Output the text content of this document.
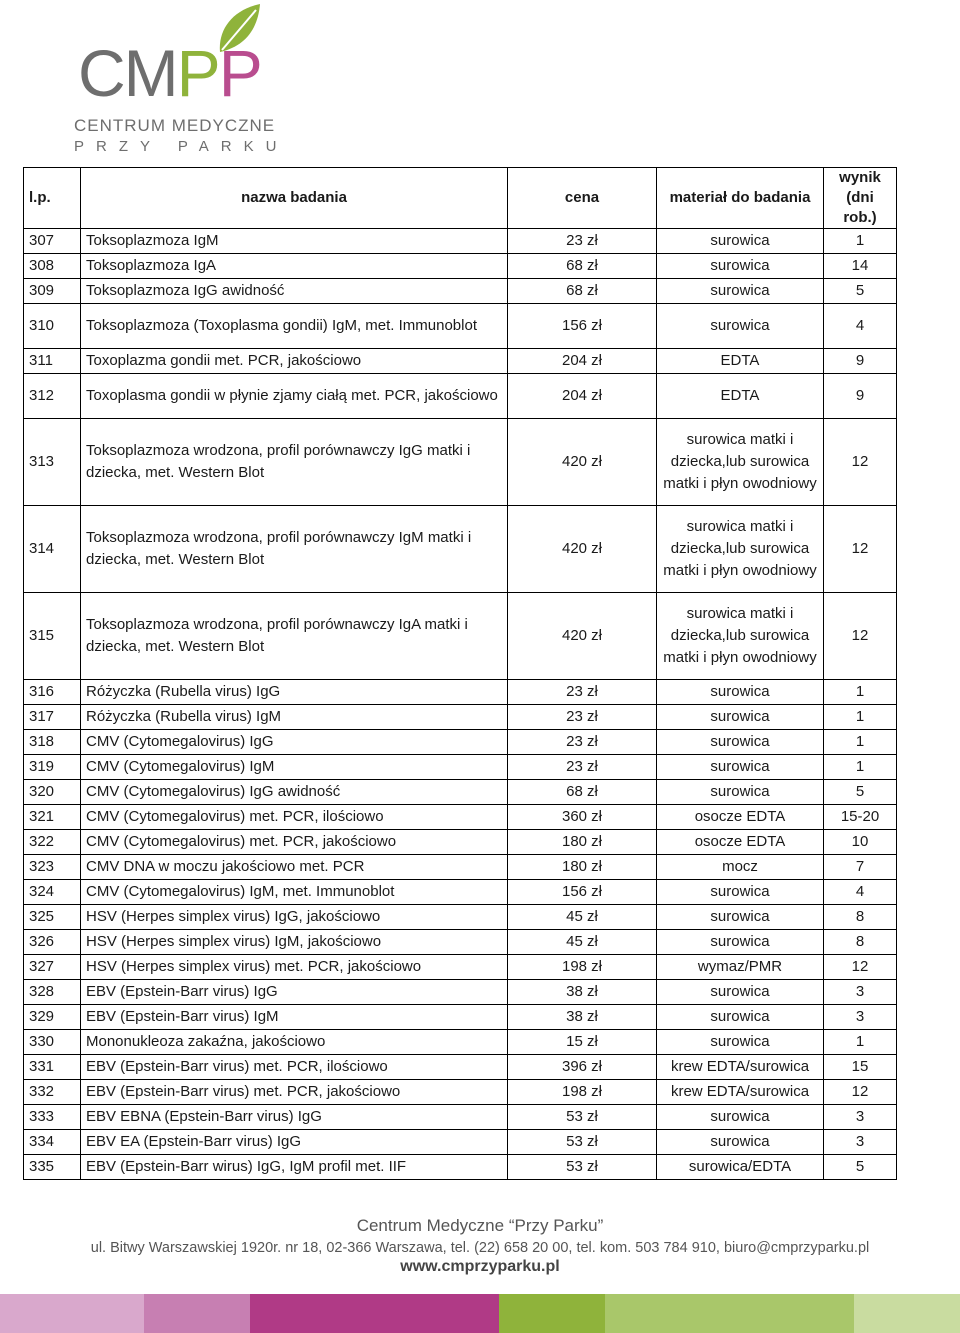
CMPP
CENTRUM MEDYCZNE
PRZY PARKU
l.p.	nazwa badania	cena	materiał do badania	wynik (dni rob.)
307	Toksoplazmoza IgM	23 zł	surowica	1
308	Toksoplazmoza IgA	68 zł	surowica	14
309	Toksoplazmoza IgG awidność	68 zł	surowica	5
310	Toksoplazmoza (Toxoplasma gondii) IgM, met. Immunoblot	156 zł	surowica	4
311	Toxoplazma gondii met. PCR, jakościowo	204 zł	EDTA	9
312	Toxoplasma gondii w płynie zjamy ciałą met. PCR, jakościowo	204 zł	EDTA	9
313	Toksoplazmoza wrodzona, profil porównawczy IgG matki i dziecka, met. Western Blot	420 zł	surowica matki i dziecka,lub surowica matki i płyn owodniowy	12
314	Toksoplazmoza wrodzona, profil porównawczy IgM matki i dziecka, met. Western Blot	420 zł	surowica matki i dziecka,lub surowica matki i płyn owodniowy	12
315	Toksoplazmoza wrodzona, profil porównawczy IgA matki i dziecka, met. Western Blot	420 zł	surowica matki i dziecka,lub surowica matki i płyn owodniowy	12
316	Różyczka (Rubella virus) IgG	23 zł	surowica	1
317	Różyczka (Rubella virus) IgM	23 zł	surowica	1
318	CMV (Cytomegalovirus) IgG	23 zł	surowica	1
319	CMV (Cytomegalovirus) IgM	23 zł	surowica	1
320	CMV (Cytomegalovirus) IgG awidność	68 zł	surowica	5
321	CMV (Cytomegalovirus) met. PCR, ilościowo	360 zł	osocze EDTA	15-20
322	CMV (Cytomegalovirus) met. PCR, jakościowo	180 zł	osocze EDTA	10
323	CMV DNA w moczu jakościowo met. PCR	180 zł	mocz	7
324	CMV (Cytomegalovirus) IgM, met. Immunoblot	156 zł	surowica	4
325	HSV (Herpes simplex virus) IgG, jakościowo	45 zł	surowica	8
326	HSV (Herpes simplex virus) IgM, jakościowo	45 zł	surowica	8
327	HSV (Herpes simplex virus) met. PCR, jakościowo	198 zł	wymaz/PMR	12
328	EBV (Epstein-Barr virus) IgG	38 zł	surowica	3
329	EBV (Epstein-Barr virus) IgM	38 zł	surowica	3
330	Mononukleoza zakaźna, jakościowo	15 zł	surowica	1
331	EBV (Epstein-Barr virus) met. PCR, ilościowo	396 zł	krew EDTA/surowica	15
332	EBV (Epstein-Barr virus) met. PCR, jakościowo	198 zł	krew EDTA/surowica	12
333	EBV EBNA (Epstein-Barr virus) IgG	53 zł	surowica	3
334	EBV EA (Epstein-Barr virus) IgG	53 zł	surowica	3
335	EBV (Epstein-Barr wirus) IgG, IgM profil met. IIF	53 zł	surowica/EDTA	5
Centrum Medyczne “Przy Parku”
ul. Bitwy Warszawskiej 1920r. nr 18, 02-366 Warszawa, tel. (22) 658 20 00, tel. kom. 503 784 910, biuro@cmprzyparku.pl
www.cmprzyparku.pl
